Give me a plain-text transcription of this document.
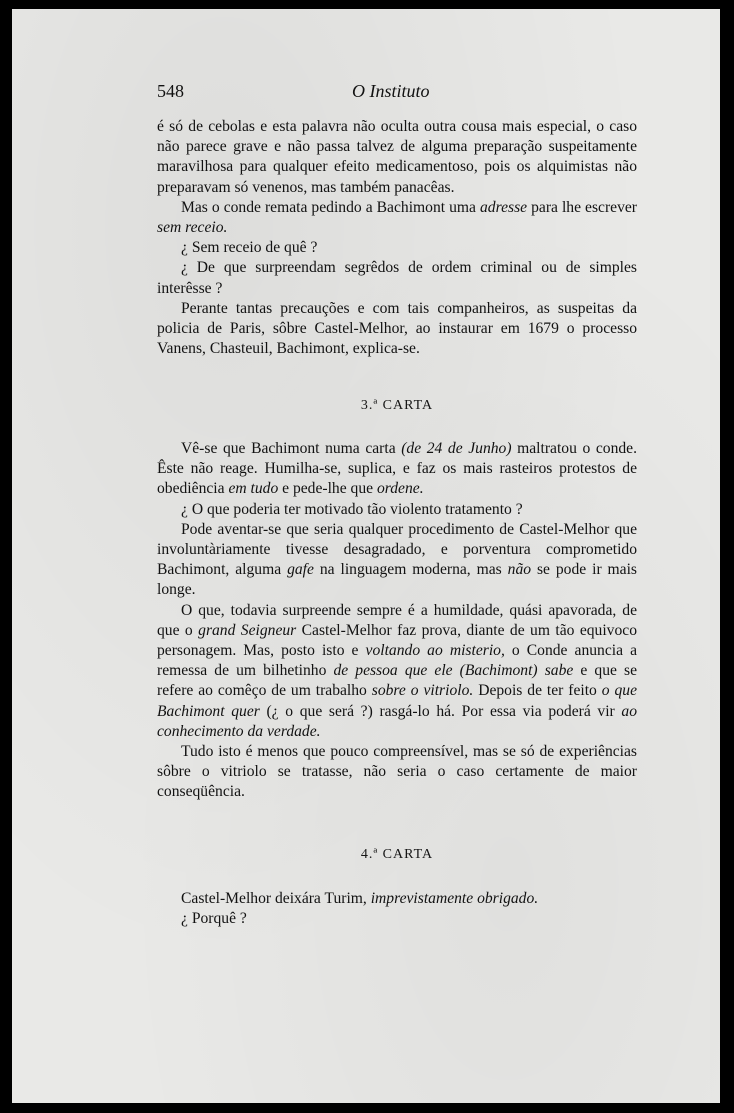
548	O Instituto

é só de cebolas e esta palavra não oculta outra cousa mais especial, o caso não parece grave e não passa talvez de alguma preparação suspeitamente maravilhosa para qualquer efeito medicamentoso, pois os alquimistas não preparavam só venenos, mas também panacêas.

Mas o conde remata pedindo a Bachimont uma adresse para lhe escrever sem receio.

¿ Sem receio de quê ?

¿ De que surpreendam segrêdos de ordem criminal ou de simples interêsse ?

Perante tantas precauções e com tais companheiros, as suspeitas da policia de Paris, sôbre Castel-Melhor, ao instaurar em 1679 o processo Vanens, Chasteuil, Bachimont, explica-se.

3.ª CARTA

Vê-se que Bachimont numa carta (de 24 de Junho) maltratou o conde. Êste não reage. Humilha-se, suplica, e faz os mais rasteiros protestos de obediência em tudo e pede-lhe que ordene.

¿ O que poderia ter motivado tão violento tratamento ?

Pode aventar-se que seria qualquer procedimento de Castel-Melhor que involuntàriamente tivesse desagradado, e porventura comprometido Bachimont, alguma gafe na linguagem moderna, mas não se pode ir mais longe.

O que, todavia surpreende sempre é a humildade, quási apavorada, de que o grand Seigneur Castel-Melhor faz prova, diante de um tão equivoco personagem. Mas, posto isto e voltando ao misterio, o Conde anuncia a remessa de um bilhetinho de pessoa que ele (Bachimont) sabe e que se refere ao comêço de um trabalho sobre o vitriolo. Depois de ter feito o que Bachimont quer (¿ o que será ?) rasgá-lo há. Por essa via poderá vir ao conhecimento da verdade.

Tudo isto é menos que pouco compreensível, mas se só de experiências sôbre o vitriolo se tratasse, não seria o caso certamente de maior conseqüência.

4.ª CARTA

Castel-Melhor deixára Turim, imprevistamente obrigado.

¿ Porquê ?
